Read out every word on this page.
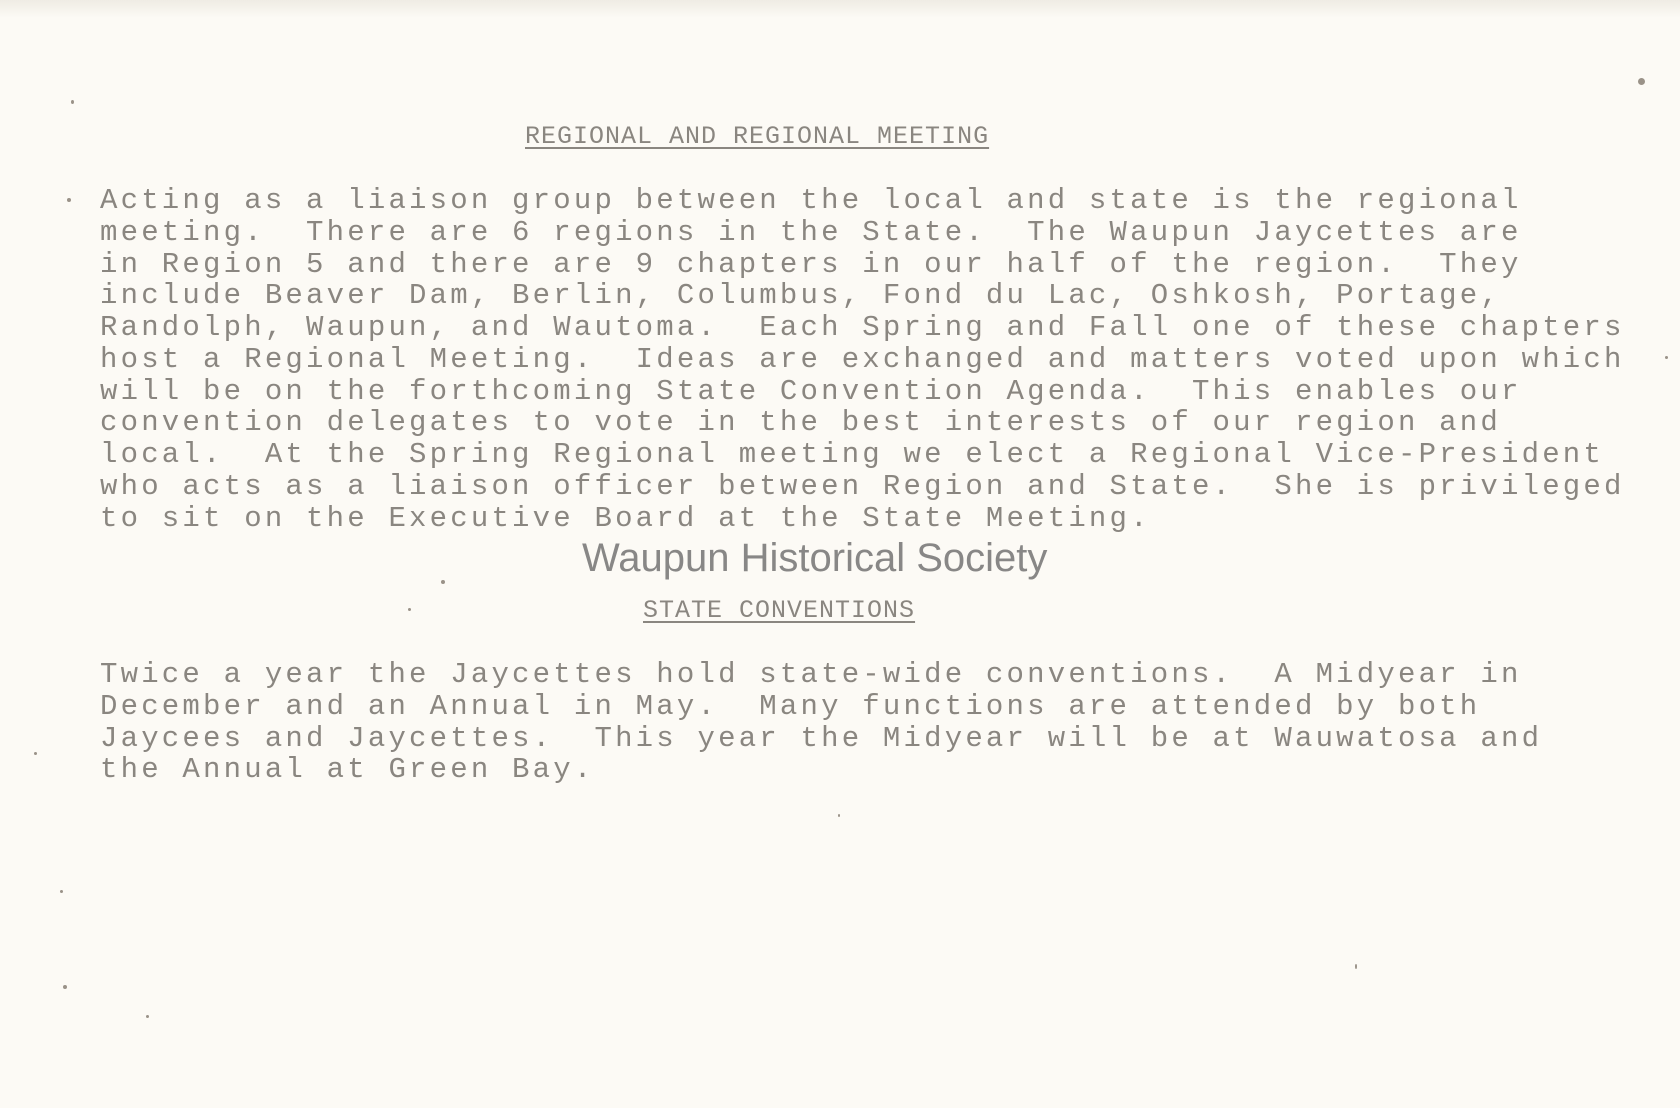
REGIONAL AND REGIONAL MEETING

Acting as a liaison group between the local and state is the regional

meeting.  There are 6 regions in the State.  The Waupun Jaycettes are

in Region 5 and there are 9 chapters in our half of the region.  They

include Beaver Dam, Berlin, Columbus, Fond du Lac, Oshkosh, Portage,

Randolph, Waupun, and Wautoma.  Each Spring and Fall one of these chapters

host a Regional Meeting.  Ideas are exchanged and matters voted upon which

will be on the forthcoming State Convention Agenda.  This enables our

convention delegates to vote in the best interests of our region and

local.  At the Spring Regional meeting we elect a Regional Vice-President

who acts as a liaison officer between Region and State.  She is privileged

to sit on the Executive Board at the State Meeting.

STATE CONVENTIONS

Twice a year the Jaycettes hold state-wide conventions.  A Midyear in

December and an Annual in May.  Many functions are attended by both

Jaycees and Jaycettes.  This year the Midyear will be at Wauwatosa and

the Annual at Green Bay.

Waupun Historical Society
